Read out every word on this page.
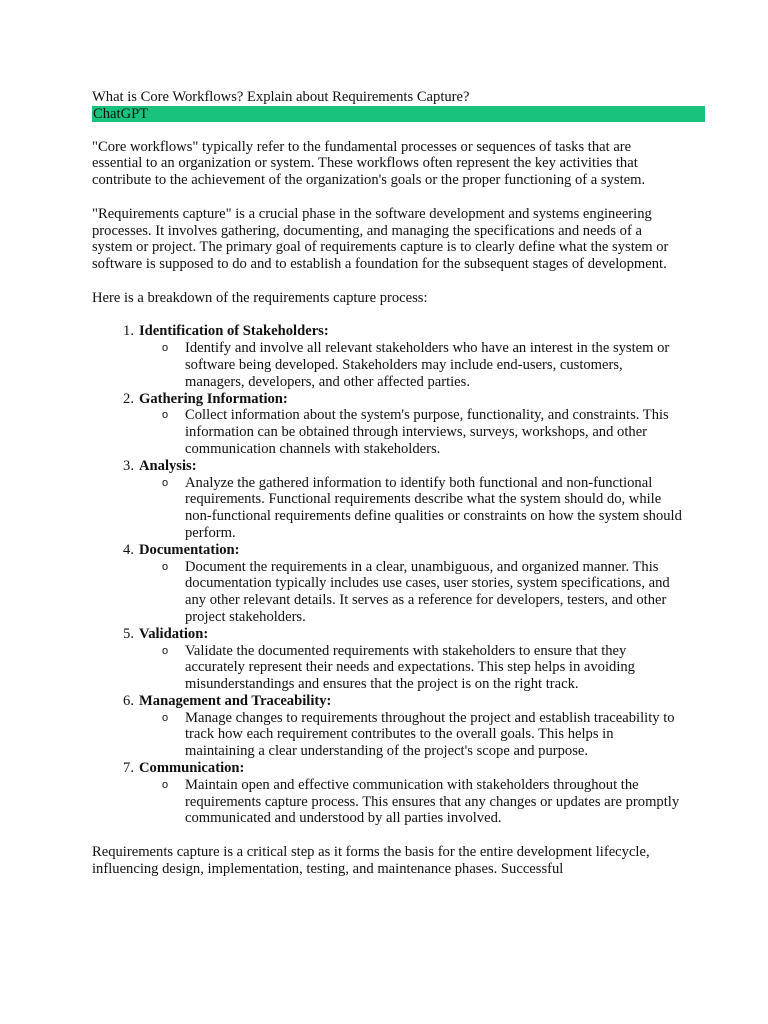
What is Core Workflows? Explain about Requirements Capture?

ChatGPT

"Core workflows" typically refer to the fundamental processes or sequences of tasks that are essential to an organization or system. These workflows often represent the key activities that contribute to the achievement of the organization's goals or the proper functioning of a system.

"Requirements capture" is a crucial phase in the software development and systems engineering processes. It involves gathering, documenting, and managing the specifications and needs of a system or project. The primary goal of requirements capture is to clearly define what the system or software is supposed to do and to establish a foundation for the subsequent stages of development.

Here is a breakdown of the requirements capture process:

1. Identification of Stakeholders:
o Identify and involve all relevant stakeholders who have an interest in the system or software being developed. Stakeholders may include end-users, customers, managers, developers, and other affected parties.
2. Gathering Information:
o Collect information about the system's purpose, functionality, and constraints. This information can be obtained through interviews, surveys, workshops, and other communication channels with stakeholders.
3. Analysis:
o Analyze the gathered information to identify both functional and non-functional requirements. Functional requirements describe what the system should do, while non-functional requirements define qualities or constraints on how the system should perform.
4. Documentation:
o Document the requirements in a clear, unambiguous, and organized manner. This documentation typically includes use cases, user stories, system specifications, and any other relevant details. It serves as a reference for developers, testers, and other project stakeholders.
5. Validation:
o Validate the documented requirements with stakeholders to ensure that they accurately represent their needs and expectations. This step helps in avoiding misunderstandings and ensures that the project is on the right track.
6. Management and Traceability:
o Manage changes to requirements throughout the project and establish traceability to track how each requirement contributes to the overall goals. This helps in maintaining a clear understanding of the project's scope and purpose.
7. Communication:
o Maintain open and effective communication with stakeholders throughout the requirements capture process. This ensures that any changes or updates are promptly communicated and understood by all parties involved.

Requirements capture is a critical step as it forms the basis for the entire development lifecycle, influencing design, implementation, testing, and maintenance phases. Successful
